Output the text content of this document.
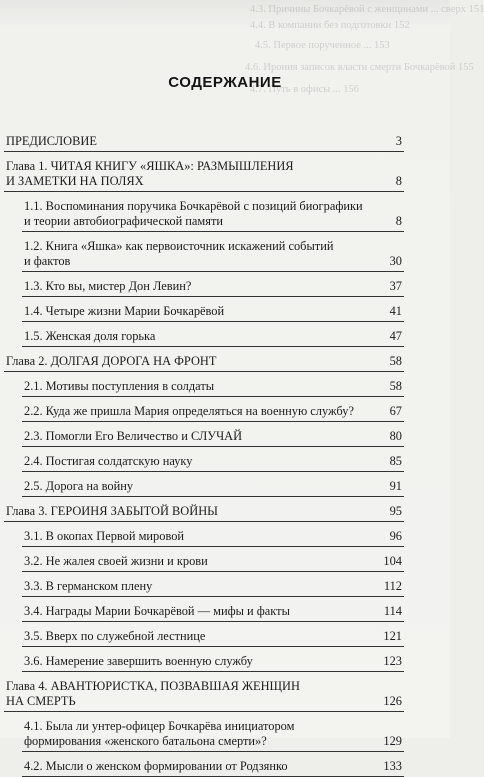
4.3. Причины Бочкарёвой с женщинами ... сверх 151
4.4. В компании без подготовки 152
4.5. Первое порученное ... 153
4.6. Ирония записок власти смерти Бочкарёвой 155
4.7. Путь в офисы ... 156
СОДЕРЖАНИЕ
ПРЕДИСЛОВИЕ	3
Глава 1. ЧИТАЯ КНИГУ «ЯШКА»: РАЗМЫШЛЕНИЯ
И ЗАМЕТКИ НА ПОЛЯХ	8
1.1. Воспоминания поручика Бочкарёвой с позиций биографики
и теории автобиографической памяти	8
1.2. Книга «Яшка» как первоисточник искажений событий
и фактов	30
1.3. Кто вы, мистер Дон Левин?	37
1.4. Четыре жизни Марии Бочкарёвой	41
1.5. Женская доля горька	47
Глава 2. ДОЛГАЯ ДОРОГА НА ФРОНТ	58
2.1. Мотивы поступления в солдаты	58
2.2. Куда же пришла Мария определяться на военную службу?	67
2.3. Помогли Его Величество и СЛУЧАЙ	80
2.4. Постигая солдатскую науку	85
2.5. Дорога на войну	91
Глава 3. ГЕРОИНЯ ЗАБЫТОЙ ВОЙНЫ	95
3.1. В окопах Первой мировой	96
3.2. Не жалея своей жизни и крови	104
3.3. В германском плену	112
3.4. Награды Марии Бочкарёвой — мифы и факты	114
3.5. Вверх по служебной лестнице	121
3.6. Намерение завершить военную службу	123
Глава 4. АВАНТЮРИСТКА, ПОЗВАВШАЯ ЖЕНЩИН
НА СМЕРТЬ	126
4.1. Была ли унтер-офицер Бочкарёва инициатором
формирования «женского батальона смерти»?	129
4.2. Мысли о женском формировании от Родзянко	133
